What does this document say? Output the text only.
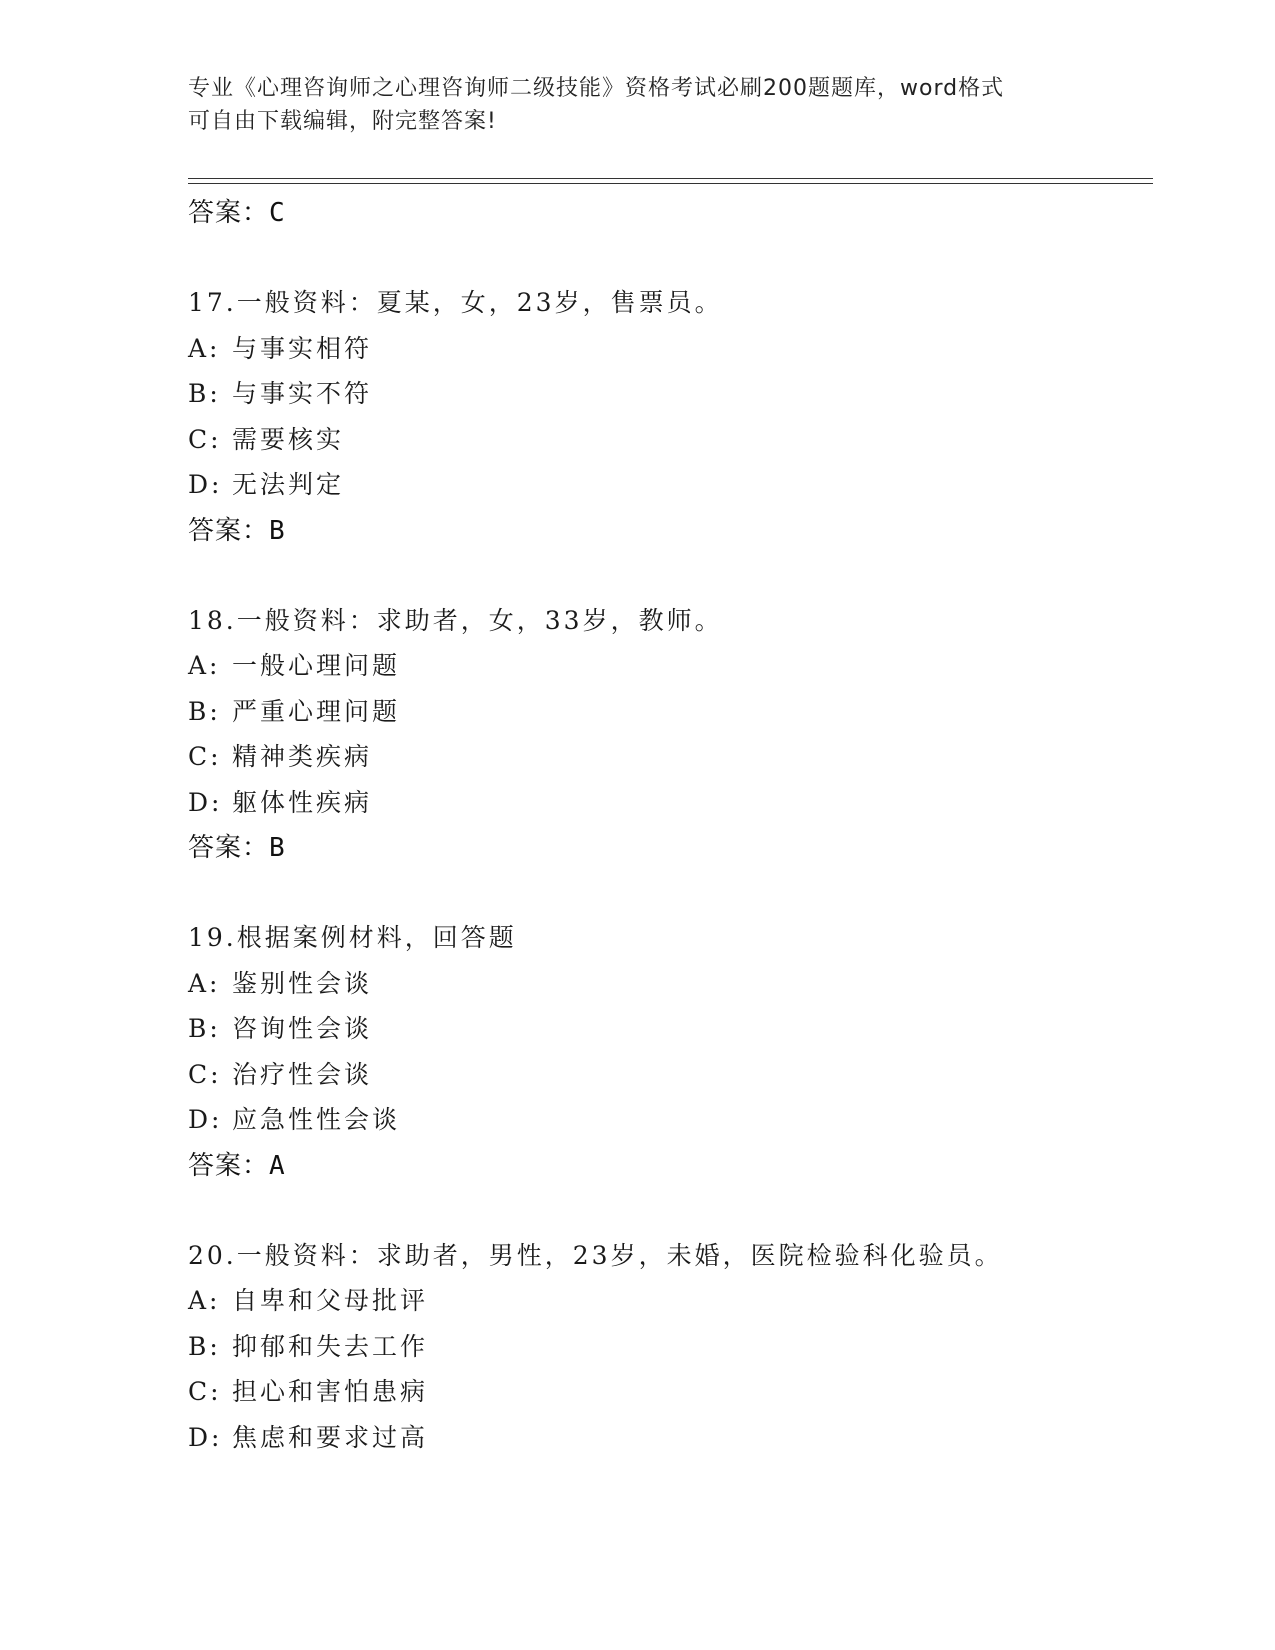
专业《心理咨询师之心理咨询师二级技能》资格考试必刷200题题库，word格式
可自由下载编辑，附完整答案!
答案：C
17.一般资料：夏某，女，23岁，售票员。
A: 与事实相符
B: 与事实不符
C: 需要核实
D: 无法判定
答案：B
18.一般资料：求助者，女，33岁，教师。
A: 一般心理问题
B: 严重心理问题
C: 精神类疾病
D: 躯体性疾病
答案：B
19.根据案例材料，回答题
A: 鉴别性会谈
B: 咨询性会谈
C: 治疗性会谈
D: 应急性性会谈
答案：A
20.一般资料：求助者，男性，23岁，未婚，医院检验科化验员。
A: 自卑和父母批评
B: 抑郁和失去工作
C: 担心和害怕患病
D: 焦虑和要求过高
